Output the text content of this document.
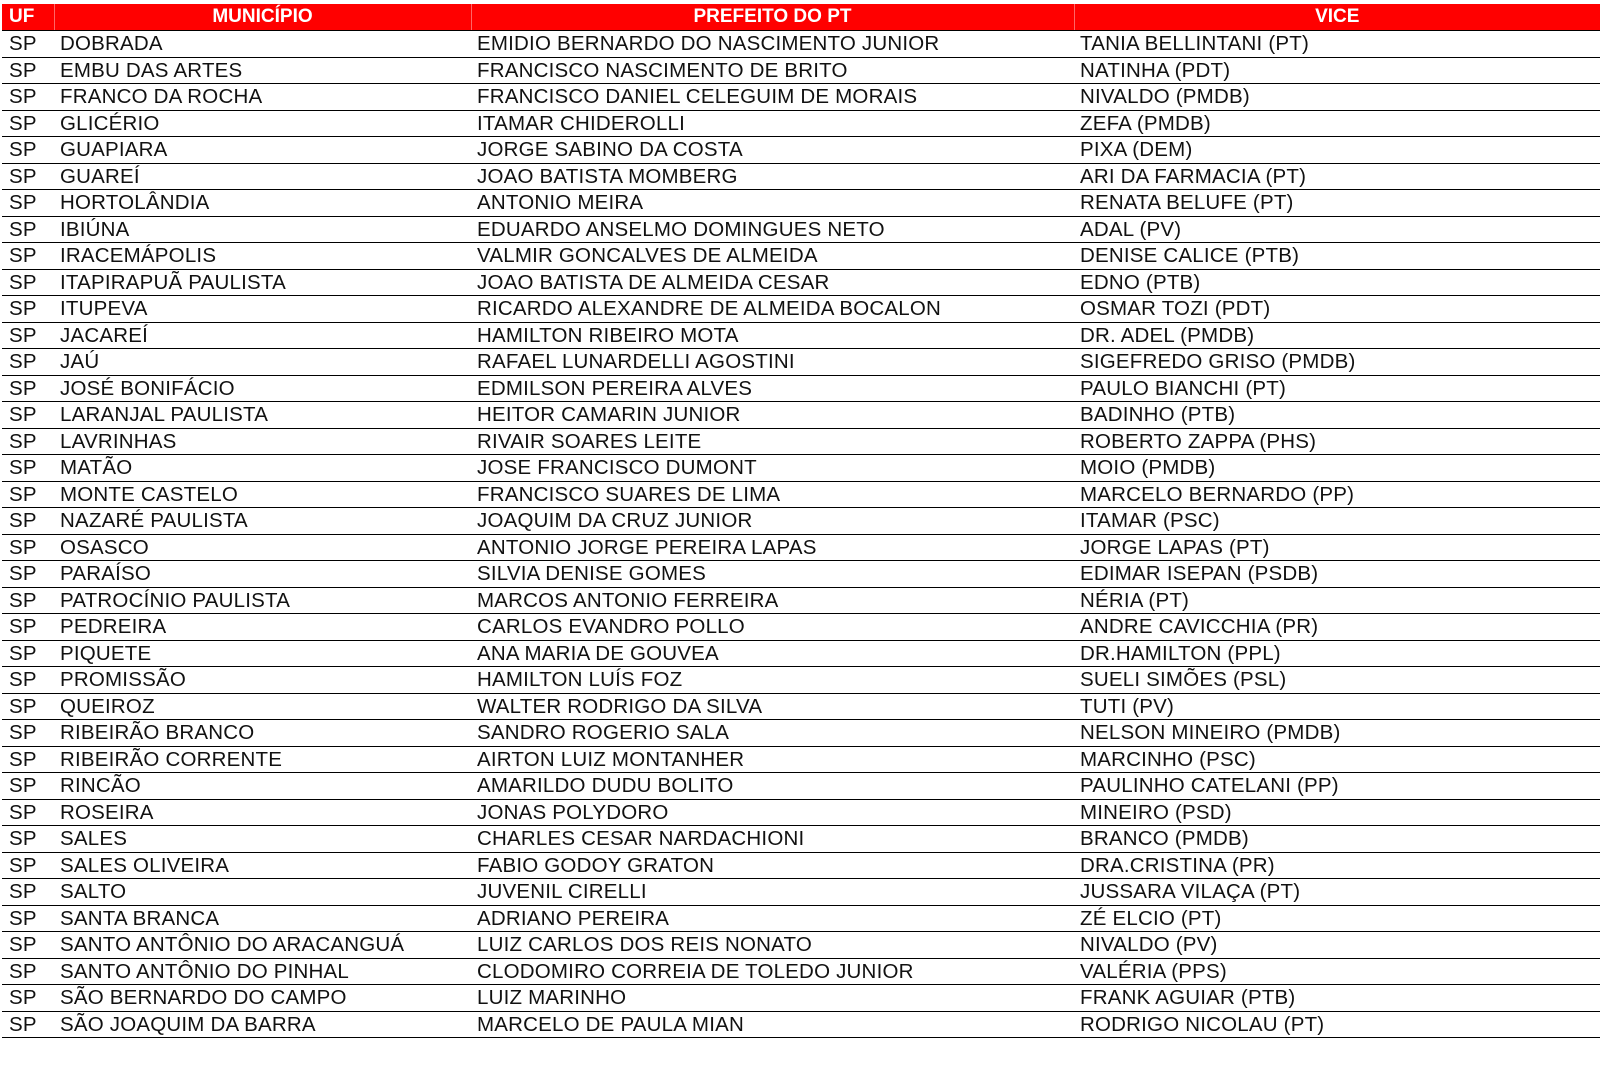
UF	MUNICÍPIO	PREFEITO DO PT	VICE
SP	DOBRADA	EMIDIO BERNARDO DO NASCIMENTO JUNIOR	TANIA BELLINTANI (PT)
SP	EMBU DAS ARTES	FRANCISCO NASCIMENTO DE BRITO	NATINHA (PDT)
SP	FRANCO DA ROCHA	FRANCISCO DANIEL CELEGUIM DE MORAIS	NIVALDO (PMDB)
SP	GLICÉRIO	ITAMAR CHIDEROLLI	ZEFA (PMDB)
SP	GUAPIARA	JORGE SABINO DA COSTA	PIXA (DEM)
SP	GUAREÍ	JOAO BATISTA MOMBERG	ARI DA FARMACIA (PT)
SP	HORTOLÂNDIA	ANTONIO MEIRA	RENATA BELUFE (PT)
SP	IBIÚNA	EDUARDO ANSELMO DOMINGUES NETO	ADAL (PV)
SP	IRACEMÁPOLIS	VALMIR GONCALVES DE ALMEIDA	DENISE CALICE (PTB)
SP	ITAPIRAPUÃ PAULISTA	JOAO BATISTA DE ALMEIDA CESAR	EDNO (PTB)
SP	ITUPEVA	RICARDO ALEXANDRE DE ALMEIDA BOCALON	OSMAR TOZI (PDT)
SP	JACAREÍ	HAMILTON RIBEIRO MOTA	DR. ADEL (PMDB)
SP	JAÚ	RAFAEL LUNARDELLI AGOSTINI	SIGEFREDO GRISO (PMDB)
SP	JOSÉ BONIFÁCIO	EDMILSON PEREIRA ALVES	PAULO BIANCHI (PT)
SP	LARANJAL PAULISTA	HEITOR CAMARIN JUNIOR	BADINHO (PTB)
SP	LAVRINHAS	RIVAIR SOARES LEITE	ROBERTO ZAPPA (PHS)
SP	MATÃO	JOSE FRANCISCO DUMONT	MOIO (PMDB)
SP	MONTE CASTELO	FRANCISCO SUARES DE LIMA	MARCELO BERNARDO (PP)
SP	NAZARÉ PAULISTA	JOAQUIM DA CRUZ JUNIOR	ITAMAR (PSC)
SP	OSASCO	ANTONIO JORGE PEREIRA LAPAS	JORGE LAPAS (PT)
SP	PARAÍSO	SILVIA DENISE GOMES	EDIMAR ISEPAN (PSDB)
SP	PATROCÍNIO PAULISTA	MARCOS ANTONIO FERREIRA	NÉRIA (PT)
SP	PEDREIRA	CARLOS EVANDRO POLLO	ANDRE CAVICCHIA (PR)
SP	PIQUETE	ANA MARIA DE GOUVEA	DR.HAMILTON (PPL)
SP	PROMISSÃO	HAMILTON LUÍS FOZ	SUELI SIMÕES (PSL)
SP	QUEIROZ	WALTER RODRIGO DA SILVA	TUTI (PV)
SP	RIBEIRÃO BRANCO	SANDRO ROGERIO SALA	NELSON MINEIRO (PMDB)
SP	RIBEIRÃO CORRENTE	AIRTON LUIZ MONTANHER	MARCINHO (PSC)
SP	RINCÃO	AMARILDO DUDU BOLITO	PAULINHO CATELANI (PP)
SP	ROSEIRA	JONAS POLYDORO	MINEIRO (PSD)
SP	SALES	CHARLES CESAR NARDACHIONI	BRANCO (PMDB)
SP	SALES OLIVEIRA	FABIO GODOY GRATON	DRA.CRISTINA (PR)
SP	SALTO	JUVENIL CIRELLI	JUSSARA VILAÇA (PT)
SP	SANTA BRANCA	ADRIANO PEREIRA	ZÉ ELCIO (PT)
SP	SANTO ANTÔNIO DO ARACANGUÁ	LUIZ CARLOS DOS REIS NONATO	NIVALDO (PV)
SP	SANTO ANTÔNIO DO PINHAL	CLODOMIRO CORREIA DE TOLEDO JUNIOR	VALÉRIA (PPS)
SP	SÃO BERNARDO DO CAMPO	LUIZ MARINHO	FRANK AGUIAR (PTB)
SP	SÃO JOAQUIM DA BARRA	MARCELO DE PAULA MIAN	RODRIGO NICOLAU (PT)
